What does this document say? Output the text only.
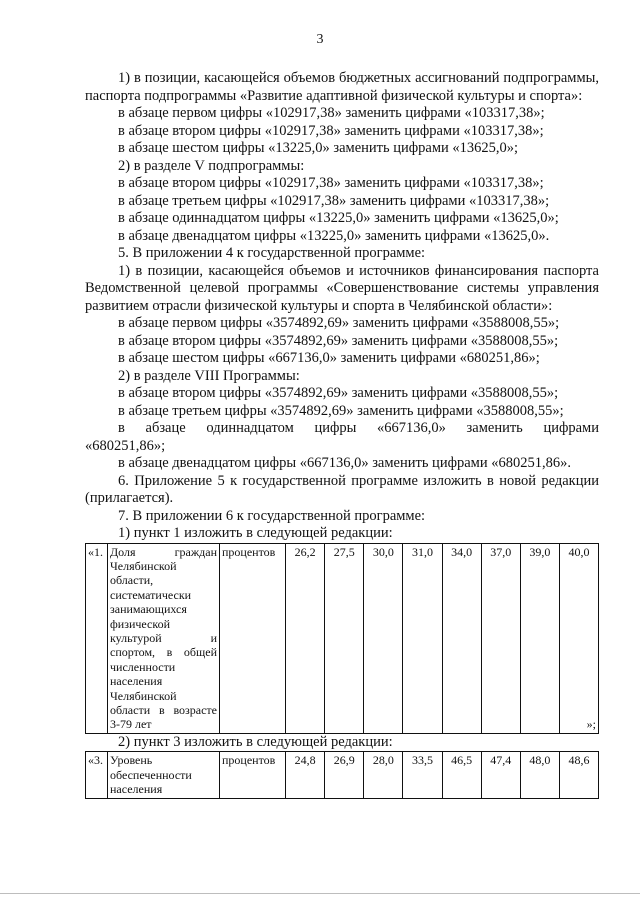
3

1) в позиции, касающейся объемов бюджетных ассигнований подпрограммы, паспорта подпрограммы «Развитие адаптивной физической культуры и спорта»:

в абзаце первом цифры «102917,38» заменить цифрами «103317,38»;

в абзаце втором цифры «102917,38» заменить цифрами «103317,38»;

в абзаце шестом цифры «13225,0» заменить цифрами «13625,0»;

2) в разделе V подпрограммы:

в абзаце втором цифры «102917,38» заменить цифрами «103317,38»;

в абзаце третьем цифры «102917,38» заменить цифрами «103317,38»;

в абзаце одиннадцатом цифры «13225,0» заменить цифрами «13625,0»;

в абзаце двенадцатом цифры «13225,0» заменить цифрами «13625,0».

5. В приложении 4 к государственной программе:

1) в позиции, касающейся объемов и источников финансирования паспорта Ведомственной целевой программы «Совершенствование системы управления развитием отрасли физической культуры и спорта в Челябинской области»:

в абзаце первом цифры «3574892,69» заменить цифрами «3588008,55»;

в абзаце втором цифры «3574892,69» заменить цифрами «3588008,55»;

в абзаце шестом цифры «667136,0» заменить цифрами «680251,86»;

2) в разделе VIII Программы:

в абзаце втором цифры «3574892,69» заменить цифрами «3588008,55»;

в абзаце третьем цифры «3574892,69» заменить цифрами «3588008,55»;

в абзаце одиннадцатом цифры «667136,0» заменить цифрами

«680251,86»;

в абзаце двенадцатом цифры «667136,0» заменить цифрами «680251,86».

6. Приложение 5 к государственной программе изложить в новой редакции (прилагается).

7. В приложении 6 к государственной программе:

1) пункт 1 изложить в следующей редакции:

«1.	Доля граждан Челябинской области, систематически занимающихся физической культурой и спортом, в общей численности населения Челябинской области в возрасте 3-79 лет	процентов	26,2	27,5	30,0	31,0	34,0	37,0	39,0	40,0
»;

2) пункт 3 изложить в следующей редакции:

«3.	Уровень обеспеченности населения	процентов	24,8	26,9	28,0	33,5	46,5	47,4	48,0	48,6
